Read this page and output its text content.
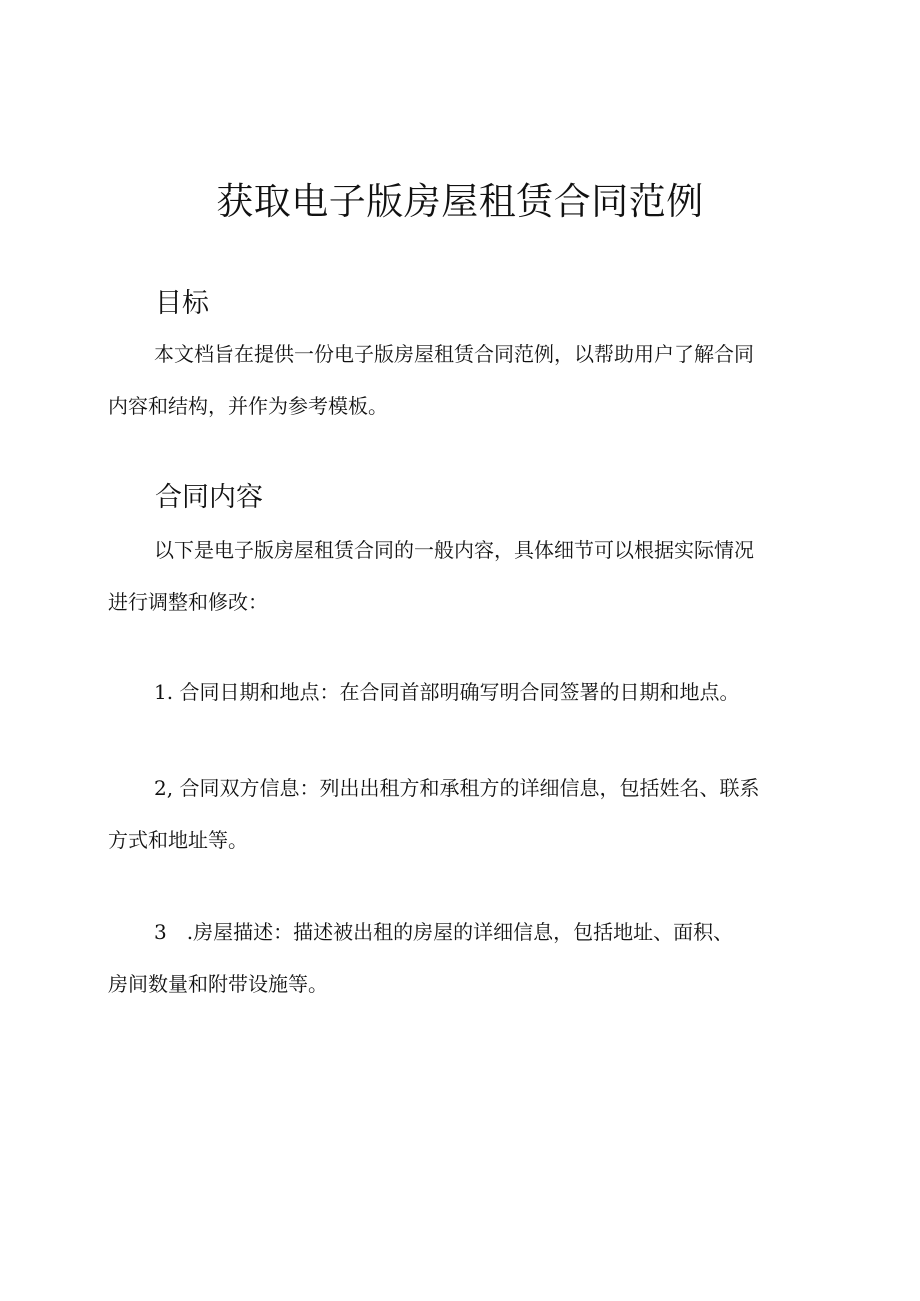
获取电子版房屋租赁合同范例
目标

本文档旨在提供一份电子版房屋租赁合同范例，以帮助用户了解合同
内容和结构，并作为参考模板。

合同内容

以下是电子版房屋租赁合同的一般内容，具体细节可以根据实际情况
进行调整和修改：

1. 合同日期和地点：在合同首部明确写明合同签署的日期和地点。

2, 合同双方信息：列出出租方和承租方的详细信息，包括姓名、联系
方式和地址等。

3　.房屋描述：描述被出租的房屋的详细信息，包括地址、面积、
房间数量和附带设施等。
